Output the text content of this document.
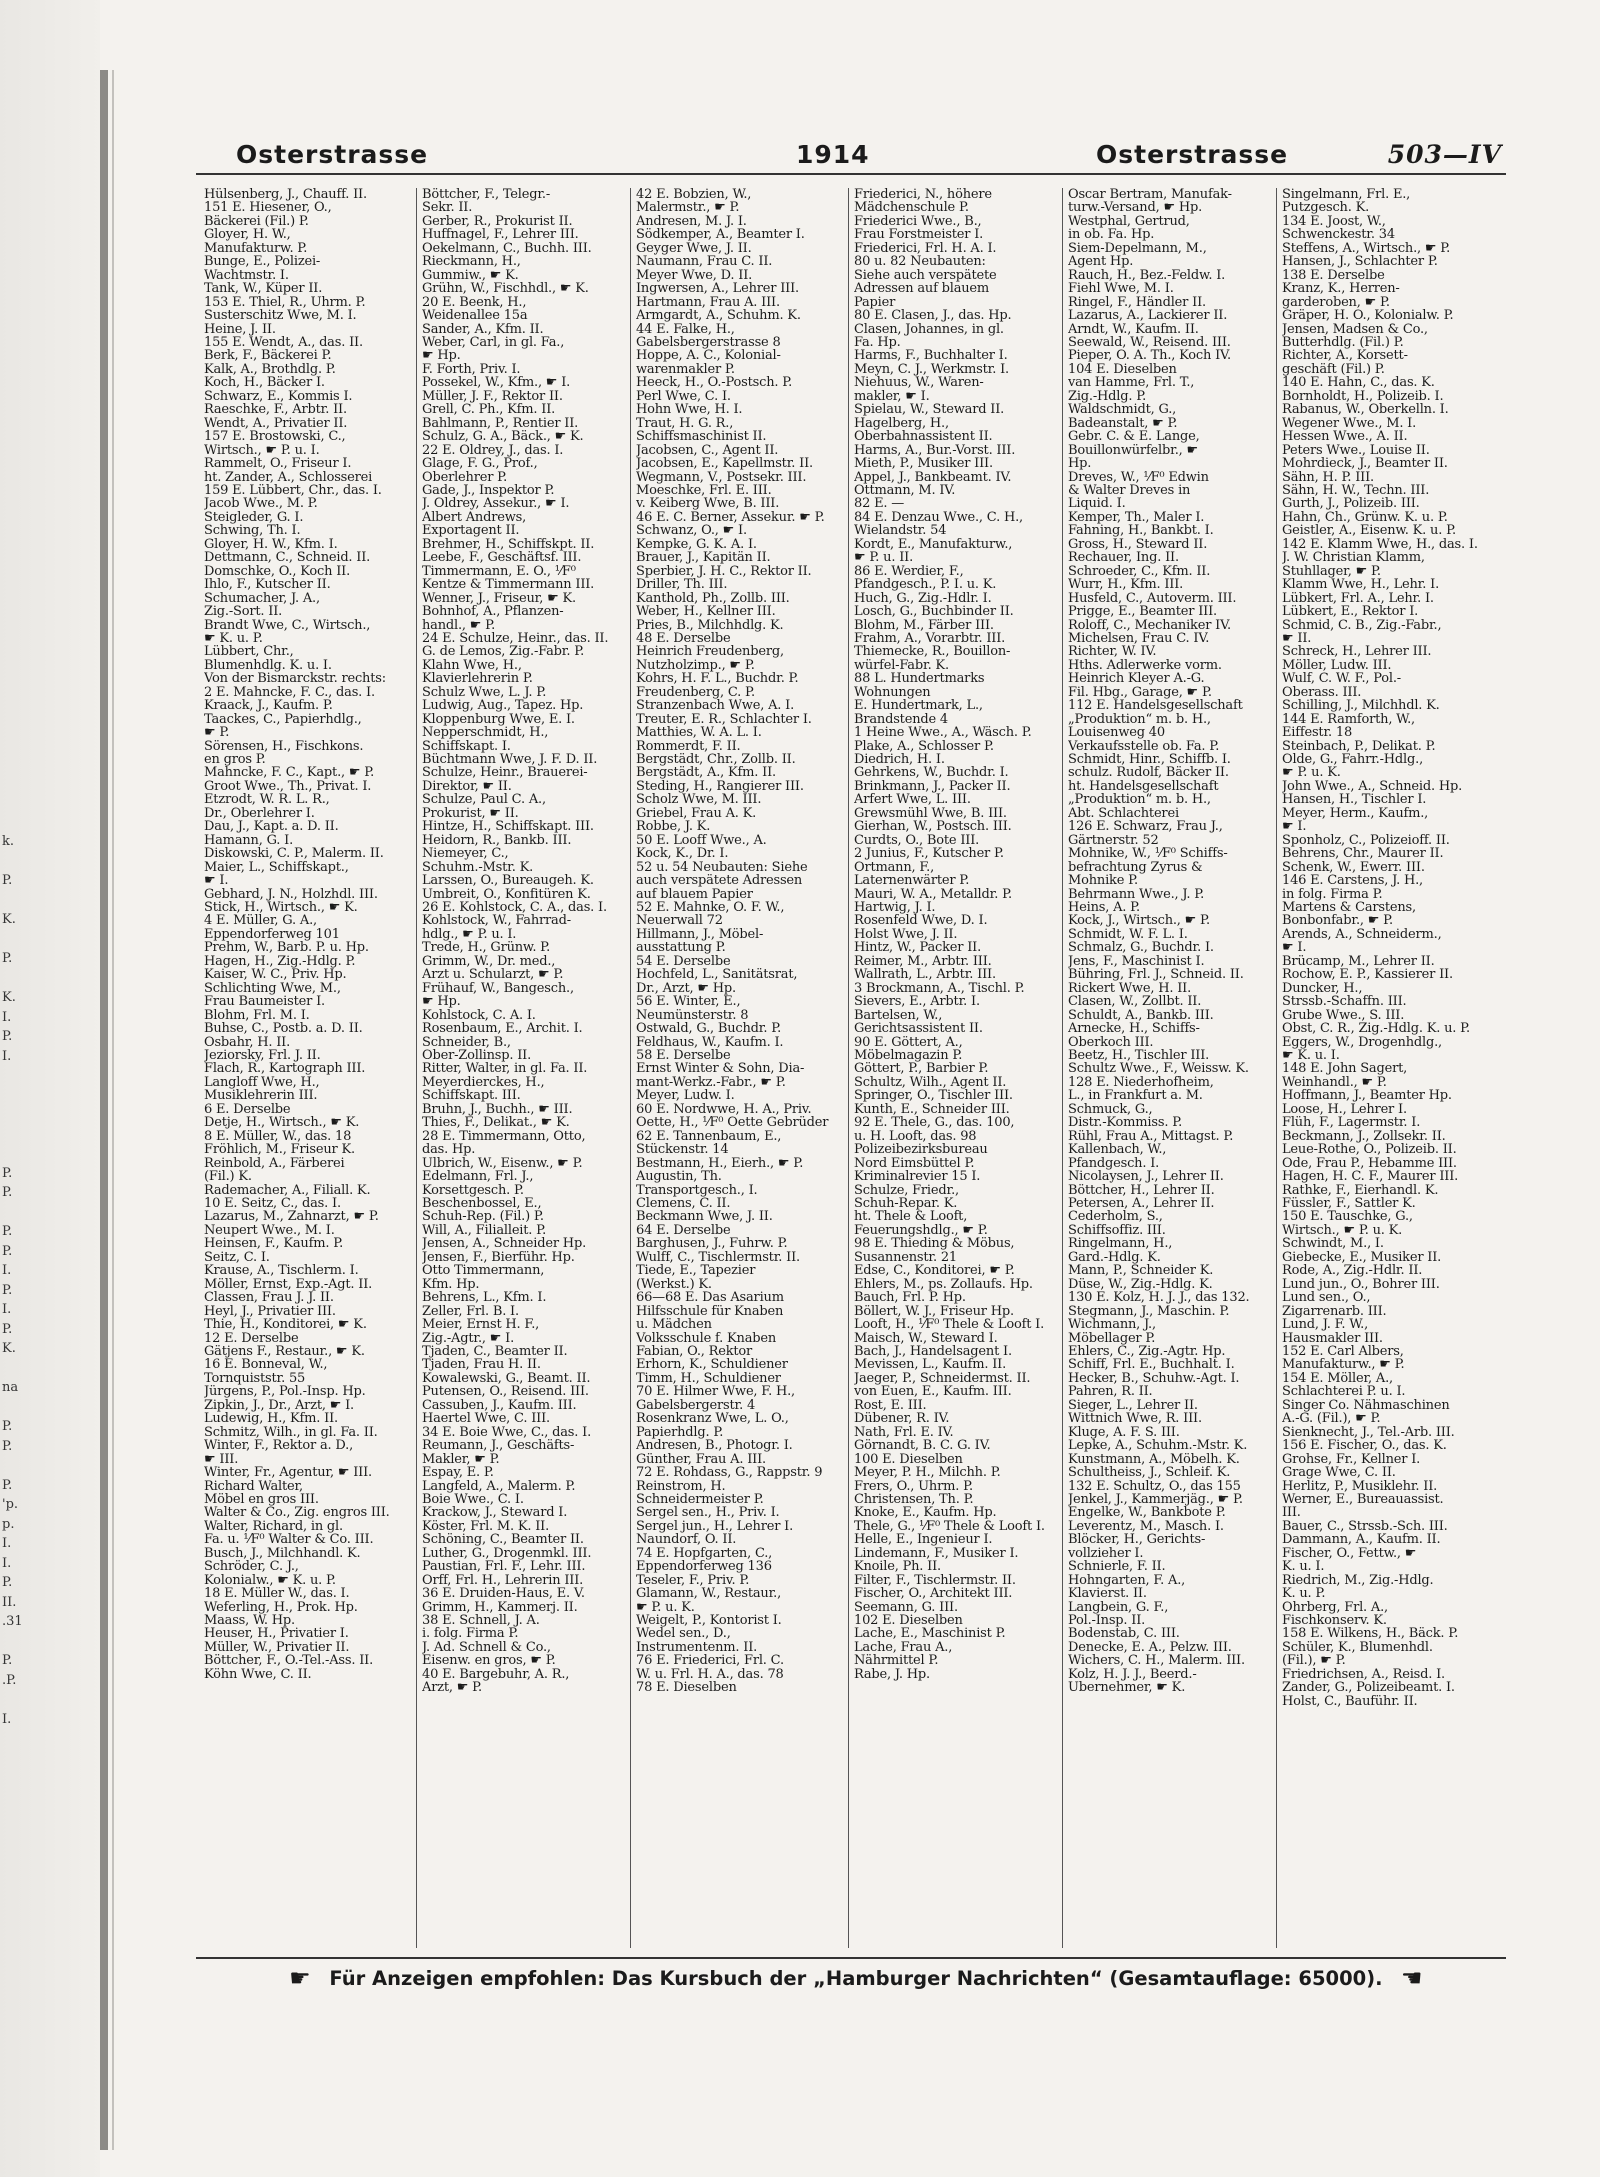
k.
P.
K.
P.
K.
I.
P.
I.
P.
P.
P.
P.
I.
P.
I.
P.
K.
na
P.
P.
P.
'p.
p.
I.
I.
P.
II.
.31
P.
.P.
I.
Osterstrasse	1914	Osterstrasse	503—IV
Hülsenberg, J., Chauff. II.
151 E. Hiesener, O.,
Bäckerei (Fil.) P.
Gloyer, H. W.,
Manufakturw. P.
Bunge, E., Polizei-
Wachtmstr. I.
Tank, W., Küper II.
153 E. Thiel, R., Uhrm. P.
Susterschitz Wwe, M. I.
Heine, J. II.
155 E. Wendt, A., das. II.
Berk, F., Bäckerei P.
Kalk, A., Brothdlg. P.
Koch, H., Bäcker I.
Schwarz, E., Kommis I.
Raeschke, F., Arbtr. II.
Wendt, A., Privatier II.
157 E. Brostowski, C.,
Wirtsch., ☛ P. u. I.
Rammelt, O., Friseur I.
ht. Zander, A., Schlosserei
159 E. Lübbert, Chr., das. I.
Jacob Wwe., M. P.
Steigleder, G. I.
Schwing, Th. I.
Gloyer, H. W., Kfm. I.
Dettmann, C., Schneid. II.
Domschke, O., Koch II.
Ihlo, F., Kutscher II.
Schumacher, J. A.,
Zig.-Sort. II.
Brandt Wwe, C., Wirtsch.,
☛ K. u. P.
Lübbert, Chr.,
Blumenhdlg. K. u. I.
Von der Bismarckstr. rechts:
2 E. Mahncke, F. C., das. I.
Kraack, J., Kaufm. P.
Taackes, C., Papierhdlg.,
☛ P.
Sörensen, H., Fischkons.
en gros P.
Mahncke, F. C., Kapt., ☛ P.
Groot Wwe., Th., Privat. I.
Etzrodt, W. R. L. R.,
Dr., Oberlehrer I.
Dau, J., Kapt. a. D. II.
Hamann, G. I.
Diskowski, C. P., Malerm. II.
Maier, L., Schiffskapt.,
☛ I.
Gebhard, J. N., Holzhdl. III.
Stick, H., Wirtsch., ☛ K.
4 E. Müller, G. A.,
Eppendorferweg 101
Prehm, W., Barb. P. u. Hp.
Hagen, H., Zig.-Hdlg. P.
Kaiser, W. C., Priv. Hp.
Schlichting Wwe, M.,
Frau Baumeister I.
Blohm, Frl. M. I.
Buhse, C., Postb. a. D. II.
Osbahr, H. II.
Jeziorsky, Frl. J. II.
Flach, R., Kartograph III.
Langloff Wwe, H.,
Musiklehrerin III.
6 E. Derselbe
Detje, H., Wirtsch., ☛ K.
8 E. Müller, W., das. 18
Fröhlich, M., Friseur K.
Reinbold, A., Färberei
(Fil.) K.
Rademacher, A., Filiall. K.
10 E. Seitz, C., das. I.
Lazarus, M., Zahnarzt, ☛ P.
Neupert Wwe., M. I.
Heinsen, F., Kaufm. P.
Seitz, C. I.
Krause, A., Tischlerm. I.
Möller, Ernst, Exp.-Agt. II.
Classen, Frau J. J. II.
Heyl, J., Privatier III.
Thie, H., Konditorei, ☛ K.
12 E. Derselbe
Gätjens F., Restaur., ☛ K.
16 E. Bonneval, W.,
Tornquiststr. 55
Jürgens, P., Pol.-Insp. Hp.
Zipkin, J., Dr., Arzt, ☛ I.
Ludewig, H., Kfm. II.
Schmitz, Wilh., in gl. Fa. II.
Winter, F., Rektor a. D.,
☛ III.
Winter, Fr., Agentur, ☛ III.
Richard Walter,
Möbel en gros III.
Walter & Co., Zig. engros III.
Walter, Richard, in gl.
Fa. u. ⅟F⁰ Walter & Co. III.
Busch, J., Milchhandl. K.
Schröder, C. J.,
Kolonialw., ☛ K. u. P.
18 E. Müller W., das. I.
Weferling, H., Prok. Hp.
Maass, W. Hp.
Heuser, H., Privatier I.
Müller, W., Privatier II.
Böttcher, F., O.-Tel.-Ass. II.
Köhn Wwe, C. II.
Böttcher, F., Telegr.-
Sekr. II.
Gerber, R., Prokurist II.
Huffnagel, F., Lehrer III.
Oekelmann, C., Buchh. III.
Rieckmann, H.,
Gummiw., ☛ K.
Grühn, W., Fischhdl., ☛ K.
20 E. Beenk, H.,
Weidenallee 15a
Sander, A., Kfm. II.
Weber, Carl, in gl. Fa.,
☛ Hp.
F. Forth, Priv. I.
Possekel, W., Kfm., ☛ I.
Müller, J. F., Rektor II.
Grell, C. Ph., Kfm. II.
Bahlmann, P., Rentier II.
Schulz, G. A., Bäck., ☛ K.
22 E. Oldrey, J., das. I.
Glage, F. G., Prof.,
Oberlehrer P.
Gade, J., Inspektor P.
J. Oldrey, Assekur., ☛ I.
Albert Andrews,
Exportagent II.
Brehmer, H., Schiffskpt. II.
Leebe, F., Geschäftsf. III.
Timmermann, E. O., ⅟F⁰
Kentze & Timmermann III.
Wenner, J., Friseur, ☛ K.
Bohnhof, A., Pflanzen-
handl., ☛ P.
24 E. Schulze, Heinr., das. II.
G. de Lemos, Zig.-Fabr. P.
Klahn Wwe, H.,
Klavierlehrerin P.
Schulz Wwe, L. J. P.
Ludwig, Aug., Tapez. Hp.
Kloppenburg Wwe, E. I.
Nepperschmidt, H.,
Schiffskapt. I.
Büchtmann Wwe, J. F. D. II.
Schulze, Heinr., Brauerei-
Direktor, ☛ II.
Schulze, Paul C. A.,
Prokurist, ☛ II.
Hintze, H., Schiffskapt. III.
Heidorn, R., Bankb. III.
Niemeyer, C.,
Schuhm.-Mstr. K.
Larssen, O., Bureaugeh. K.
Umbreit, O., Konfitüren K.
26 E. Kohlstock, C. A., das. I.
Kohlstock, W., Fahrrad-
hdlg., ☛ P. u. I.
Trede, H., Grünw. P.
Grimm, W., Dr. med.,
Arzt u. Schularzt, ☛ P.
Frühauf, W., Bangesch.,
☛ Hp.
Kohlstock, C. A. I.
Rosenbaum, E., Archit. I.
Schneider, B.,
Ober-Zollinsp. II.
Ritter, Walter, in gl. Fa. II.
Meyerdierckes, H.,
Schiffskapt. III.
Bruhn, J., Buchh., ☛ III.
Thies, F., Delikat., ☛ K.
28 E. Timmermann, Otto,
das. Hp.
Ulbrich, W., Eisenw., ☛ P.
Edelmann, Frl. J.,
Korsettgesch. P.
Beschenbossel, E.,
Schuh-Rep. (Fil.) P.
Will, A., Filialleit. P.
Jensen, A., Schneider Hp.
Jensen, F., Bierführ. Hp.
Otto Timmermann,
Kfm. Hp.
Behrens, L., Kfm. I.
Zeller, Frl. B. I.
Meier, Ernst H. F.,
Zig.-Agtr., ☛ I.
Tjaden, C., Beamter II.
Tjaden, Frau H. II.
Kowalewski, G., Beamt. II.
Putensen, O., Reisend. III.
Cassuben, J., Kaufm. III.
Haertel Wwe, C. III.
34 E. Boie Wwe, C., das. I.
Reumann, J., Geschäfts-
Makler, ☛ P.
Espay, E. P.
Langfeld, A., Malerm. P.
Boie Wwe., C. I.
Krackow, J., Steward I.
Köster, Frl. M. K. II.
Schöning, C., Beamter II.
Luther, G., Drogenmkl. III.
Paustian, Frl. F., Lehr. III.
Orff, Frl. H., Lehrerin III.
36 E. Druiden-Haus, E. V.
Grimm, H., Kammerj. II.
38 E. Schnell, J. A.
i. folg. Firma P.
J. Ad. Schnell & Co.,
Eisenw. en gros, ☛ P.
40 E. Bargebuhr, A. R.,
Arzt, ☛ P.
42 E. Bobzien, W.,
Malermstr., ☛ P.
Andresen, M. J. I.
Södkemper, A., Beamter I.
Geyger Wwe, J. II.
Naumann, Frau C. II.
Meyer Wwe, D. II.
Ingwersen, A., Lehrer III.
Hartmann, Frau A. III.
Armgardt, A., Schuhm. K.
44 E. Falke, H.,
Gabelsbergerstrasse 8
Hoppe, A. C., Kolonial-
warenmakler P.
Heeck, H., O.-Postsch. P.
Perl Wwe, C. I.
Hohn Wwe, H. I.
Traut, H. G. R.,
Schiffsmaschinist II.
Jacobsen, C., Agent II.
Jacobsen, E., Kapellmstr. II.
Wegmann, V., Postsekr. III.
Moeschke, Frl. E. III.
v. Keiberg Wwe, B. III.
46 E. C. Berner, Assekur. ☛ P.
Schwanz, O., ☛ I.
Kempke, G. K. A. I.
Brauer, J., Kapitän II.
Sperbier, J. H. C., Rektor II.
Driller, Th. III.
Kanthold, Ph., Zollb. III.
Weber, H., Kellner III.
Pries, B., Milchhdlg. K.
48 E. Derselbe
Heinrich Freudenberg,
Nutzholzimp., ☛ P.
Kohrs, H. F. L., Buchdr. P.
Freudenberg, C. P.
Stranzenbach Wwe, A. I.
Treuter, E. R., Schlachter I.
Matthies, W. A. L. I.
Rommerdt, F. II.
Bergstädt, Chr., Zollb. II.
Bergstädt, A., Kfm. II.
Steding, H., Rangierer III.
Scholz Wwe, M. III.
Griebel, Frau A. K.
Robbe, J. K.
50 E. Looff Wwe., A.
Kock, K., Dr. I.
52 u. 54 Neubauten: Siehe
auch verspätete Adressen
auf blauem Papier
52 E. Mahnke, O. F. W.,
Neuerwall 72
Hillmann, J., Möbel-
ausstattung P.
54 E. Derselbe
Hochfeld, L., Sanitätsrat,
Dr., Arzt, ☛ Hp.
56 E. Winter, E.,
Neumünsterstr. 8
Ostwald, G., Buchdr. P.
Feldhaus, W., Kaufm. I.
58 E. Derselbe
Ernst Winter & Sohn, Dia-
mant-Werkz.-Fabr., ☛ P.
Meyer, Ludw. I.
60 E. Nordwwe, H. A., Priv.
Oette, H., ⅟F⁰ Oette Gebrüder
62 E. Tannenbaum, E.,
Stückenstr. 14
Bestmann, H., Eierh., ☛ P.
Augustin, Th.
Transportgesch., I.
Clemens, C. II.
Beckmann Wwe, J. II.
64 E. Derselbe
Barghusen, J., Fuhrw. P.
Wulff, C., Tischlermstr. II.
Tiede, E., Tapezier
(Werkst.) K.
66—68 E. Das Asarium
Hilfsschule für Knaben
u. Mädchen
Volksschule f. Knaben
Fabian, O., Rektor
Erhorn, K., Schuldiener
Timm, H., Schuldiener
70 E. Hilmer Wwe, F. H.,
Gabelsbergerstr. 4
Rosenkranz Wwe, L. O.,
Papierhdlg. P.
Andresen, B., Photogr. I.
Günther, Frau A. III.
72 E. Rohdass, G., Rappstr. 9
Reinstrom, H.
Schneidermeister P.
Sergel sen., H., Priv. I.
Sergel jun., H., Lehrer I.
Naundorf, O. II.
74 E. Hopfgarten, C.,
Eppendorferweg 136
Teseler, F., Priv. P.
Glamann, W., Restaur.,
☛ P. u. K.
Weigelt, P., Kontorist I.
Wedel sen., D.,
Instrumentenm. II.
76 E. Friederici, Frl. C.
W. u. Frl. H. A., das. 78
78 E. Dieselben
Friederici, N., höhere
Mädchenschule P.
Friederici Wwe., B.,
Frau Forstmeister I.
Friederici, Frl. H. A. I.
80 u. 82 Neubauten:
Siehe auch verspätete
Adressen auf blauem
Papier
80 E. Clasen, J., das. Hp.
Clasen, Johannes, in gl.
Fa. Hp.
Harms, F., Buchhalter I.
Meyn, C. J., Werkmstr. I.
Niehuus, W., Waren-
makler, ☛ I.
Spielau, W., Steward II.
Hagelberg, H.,
Oberbahnassistent II.
Harms, A., Bur.-Vorst. III.
Mieth, P., Musiker III.
Appel, J., Bankbeamt. IV.
Ottmann, M. IV.
82 E. —
84 E. Denzau Wwe., C. H.,
Wielandstr. 54
Kordt, E., Manufakturw.,
☛ P. u. II.
86 E. Werdier, F.,
Pfandgesch., P. I. u. K.
Huch, G., Zig.-Hdlr. I.
Losch, G., Buchbinder II.
Blohm, M., Färber III.
Frahm, A., Vorarbtr. III.
Thiemecke, R., Bouillon-
würfel-Fabr. K.
88 L. Hundertmarks
Wohnungen
E. Hundertmark, L.,
Brandstende 4
1 Heine Wwe., A., Wäsch. P.
Plake, A., Schlosser P.
Diedrich, H. I.
Gehrkens, W., Buchdr. I.
Brinkmann, J., Packer II.
Arfert Wwe, L. III.
Grewsmühl Wwe, B. III.
Gierhan, W., Postsch. III.
Curdts, O., Bote III.
2 Junius, F., Kutscher P.
Ortmann, F.,
Laternenwärter P.
Mauri, W. A., Metalldr. P.
Hartwig, J. I.
Rosenfeld Wwe, D. I.
Holst Wwe, J. II.
Hintz, W., Packer II.
Reimer, M., Arbtr. III.
Wallrath, L., Arbtr. III.
3 Brockmann, A., Tischl. P.
Sievers, E., Arbtr. I.
Bartelsen, W.,
Gerichtsassistent II.
90 E. Göttert, A.,
Möbelmagazin P.
Göttert, P., Barbier P.
Schultz, Wilh., Agent II.
Springer, O., Tischler III.
Kunth, E., Schneider III.
92 E. Thele, G., das. 100,
u. H. Looft, das. 98
Polizeibezirksbureau
Nord Eimsbüttel P.
Kriminalrevier 15 I.
Schulze, Friedr.,
Schuh-Repar. K.
ht. Thele & Looft,
Feuerungshdlg., ☛ P.
98 E. Thieding & Möbus,
Susannenstr. 21
Edse, C., Konditorei, ☛ P.
Ehlers, M., ps. Zollaufs. Hp.
Bauch, Frl. P. Hp.
Böllert, W. J., Friseur Hp.
Looft, H., ⅟F⁰ Thele & Looft I.
Maisch, W., Steward I.
Bach, J., Handelsagent I.
Mevissen, L., Kaufm. II.
Jaeger, P., Schneidermst. II.
von Euen, E., Kaufm. III.
Rost, E. III.
Dübener, R. IV.
Nath, Frl. E. IV.
Görnandt, B. C. G. IV.
100 E. Dieselben
Meyer, P. H., Milchh. P.
Frers, O., Uhrm. P.
Christensen, Th. P.
Knoke, E., Kaufm. Hp.
Thele, G., ⅟F⁰ Thele & Looft I.
Helle, E., Ingenieur I.
Lindemann, F., Musiker I.
Knoile, Ph. II.
Filter, F., Tischlermstr. II.
Fischer, O., Architekt III.
Seemann, G. III.
102 E. Dieselben
Lache, E., Maschinist P.
Lache, Frau A.,
Nährmittel P.
Rabe, J. Hp.
Oscar Bertram, Manufak-
turw.-Versand, ☛ Hp.
Westphal, Gertrud,
in ob. Fa. Hp.
Siem-Depelmann, M.,
Agent Hp.
Rauch, H., Bez.-Feldw. I.
Fiehl Wwe, M. I.
Ringel, F., Händler II.
Lazarus, A., Lackierer II.
Arndt, W., Kaufm. II.
Seewald, W., Reisend. III.
Pieper, O. A. Th., Koch IV.
104 E. Dieselben
van Hamme, Frl. T.,
Zig.-Hdlg. P.
Waldschmidt, G.,
Badeanstalt, ☛ P.
Gebr. C. & E. Lange,
Bouillonwürfelbr., ☛
Hp.
Dreves, W., ⅟F⁰ Edwin
& Walter Dreves in
Liquid. I.
Kemper, Th., Maler I.
Fahning, H., Bankbt. I.
Gross, H., Steward II.
Rechauer, Ing. II.
Schroeder, C., Kfm. II.
Wurr, H., Kfm. III.
Husfeld, C., Autoverm. III.
Prigge, E., Beamter III.
Roloff, C., Mechaniker IV.
Michelsen, Frau C. IV.
Richter, W. IV.
Hths. Adlerwerke vorm.
Heinrich Kleyer A.-G.
Fil. Hbg., Garage, ☛ P.
112 E. Handelsgesellschaft
„Produktion“ m. b. H.,
Louisenweg 40
Verkaufsstelle ob. Fa. P.
Schmidt, Hinr., Schiffb. I.
schulz. Rudolf, Bäcker II.
ht. Handelsgesellschaft
„Produktion“ m. b. H.,
Abt. Schlachterei
126 E. Schwarz, Frau J.,
Gärtnerstr. 52
Mohnike, W., ⅟F⁰ Schiffs-
befrachtung Zyrus &
Mohnike P.
Behrmann Wwe., J. P.
Heins, A. P.
Kock, J., Wirtsch., ☛ P.
Schmidt, W. F. L. I.
Schmalz, G., Buchdr. I.
Jens, F., Maschinist I.
Bühring, Frl. J., Schneid. II.
Rickert Wwe, H. II.
Clasen, W., Zollbt. II.
Schuldt, A., Bankb. III.
Arnecke, H., Schiffs-
Oberkoch III.
Beetz, H., Tischler III.
Schultz Wwe., F., Weissw. K.
128 E. Niederhofheim,
L., in Frankfurt a. M.
Schmuck, G.,
Distr.-Kommiss. P.
Rühl, Frau A., Mittagst. P.
Kallenbach, W.,
Pfandgesch. I.
Nicolaysen, J., Lehrer II.
Böttcher, H., Lehrer II.
Petersen, A., Lehrer II.
Cederholm, S.,
Schiffsoffiz. III.
Ringelmann, H.,
Gard.-Hdlg. K.
Mann, P., Schneider K.
Düse, W., Zig.-Hdlg. K.
130 E. Kolz, H. J. J., das 132.
Stegmann, J., Maschin. P.
Wichmann, J.,
Möbellager P.
Ehlers, C., Zig.-Agtr. Hp.
Schiff, Frl. E., Buchhalt. I.
Hecker, B., Schuhw.-Agt. I.
Pahren, R. II.
Sieger, L., Lehrer II.
Wittnich Wwe, R. III.
Kluge, A. F. S. III.
Lepke, A., Schuhm.-Mstr. K.
Kunstmann, A., Möbelh. K.
Schultheiss, J., Schleif. K.
132 E. Schultz, O., das 155
Jenkel, J., Kammerjäg., ☛ P.
Engelke, W., Bankbote P.
Leverentz, M., Masch. I.
Blöcker, H., Gerichts-
vollzieher I.
Schnierle, F. II.
Hohngarten, F. A.,
Klavierst. II.
Langbein, G. F.,
Pol.-Insp. II.
Bodenstab, C. III.
Denecke, E. A., Pelzw. III.
Wichers, C. H., Malerm. III.
Kolz, H. J. J., Beerd.-
Übernehmer, ☛ K.
Singelmann, Frl. E.,
Putzgesch. K.
134 E. Joost, W.,
Schwenckestr. 34
Steffens, A., Wirtsch., ☛ P.
Hansen, J., Schlachter P.
138 E. Derselbe
Kranz, K., Herren-
garderoben, ☛ P.
Gräper, H. O., Kolonialw. P.
Jensen, Madsen & Co.,
Butterhdlg. (Fil.) P.
Richter, A., Korsett-
geschäft (Fil.) P.
140 E. Hahn, C., das. K.
Bornholdt, H., Polizeib. I.
Rabanus, W., Oberkelln. I.
Wegener Wwe., M. I.
Hessen Wwe., A. II.
Peters Wwe., Louise II.
Mohrdieck, J., Beamter II.
Sähn, H. P. III.
Sähn, H. W., Techn. III.
Gurth, J., Polizeib. III.
Hahn, Ch., Grünw. K. u. P.
Geistler, A., Eisenw. K. u. P.
142 E. Klamm Wwe, H., das. I.
J. W. Christian Klamm,
Stuhllager, ☛ P.
Klamm Wwe, H., Lehr. I.
Lübkert, Frl. A., Lehr. I.
Lübkert, E., Rektor I.
Schmid, C. B., Zig.-Fabr.,
☛ II.
Schreck, H., Lehrer III.
Möller, Ludw. III.
Wulf, C. W. F., Pol.-
Oberass. III.
Schilling, J., Milchhdl. K.
144 E. Ramforth, W.,
Eiffestr. 18
Steinbach, P., Delikat. P.
Olde, G., Fahrr.-Hdlg.,
☛ P. u. K.
John Wwe., A., Schneid. Hp.
Hansen, H., Tischler I.
Meyer, Herm., Kaufm.,
☛ I.
Sponholz, C., Polizeioff. II.
Behrens, Chr., Maurer II.
Schenk, W., Ewerr. III.
146 E. Carstens, J. H.,
in folg. Firma P.
Martens & Carstens,
Bonbonfabr., ☛ P.
Arends, A., Schneiderm.,
☛ I.
Brücamp, M., Lehrer II.
Rochow, E. P., Kassierer II.
Duncker, H.,
Strssb.-Schaffn. III.
Grube Wwe., S. III.
Obst, C. R., Zig.-Hdlg. K. u. P.
Eggers, W., Drogenhdlg.,
☛ K. u. I.
148 E. John Sagert,
Weinhandl., ☛ P.
Hoffmann, J., Beamter Hp.
Loose, H., Lehrer I.
Flüh, F., Lagermstr. I.
Beckmann, J., Zollsekr. II.
Leue-Rothe, O., Polizeib. II.
Ode, Frau P., Hebamme III.
Hagen, H. C. F., Maurer III.
Rathke, F., Eierhandl. K.
Füssler, F., Sattler K.
150 E. Tauschke, G.,
Wirtsch., ☛ P. u. K.
Schwindt, M., I.
Giebecke, E., Musiker II.
Rode, A., Zig.-Hdlr. II.
Lund jun., O., Bohrer III.
Lund sen., O.,
Zigarrenarb. III.
Lund, J. F. W.,
Hausmakler III.
152 E. Carl Albers,
Manufakturw., ☛ P.
154 E. Möller, A.,
Schlachterei P. u. I.
Singer Co. Nähmaschinen
A.-G. (Fil.), ☛ P.
Sienknecht, J., Tel.-Arb. III.
156 E. Fischer, O., das. K.
Grohse, Fr., Kellner I.
Grage Wwe, C. II.
Herlitz, P., Musiklehr. II.
Werner, E., Bureauassist.
III.
Bauer, C., Strssb.-Sch. III.
Dammann, A., Kaufm. II.
Fischer, O., Fettw., ☛
K. u. I.
Riedrich, M., Zig.-Hdlg.
K. u. P.
Öhrberg, Frl. A.,
Fischkonserv. K.
158 E. Wilkens, H., Bäck. P.
Schüler, K., Blumenhdl.
(Fil.), ☛ P.
Friedrichsen, A., Reisd. I.
Zander, G., Polizeibeamt. I.
Holst, C., Bauführ. II.
☛ Für Anzeigen empfohlen: Das Kursbuch der „Hamburger Nachrichten“ (Gesamtauflage: 65000). ☛
